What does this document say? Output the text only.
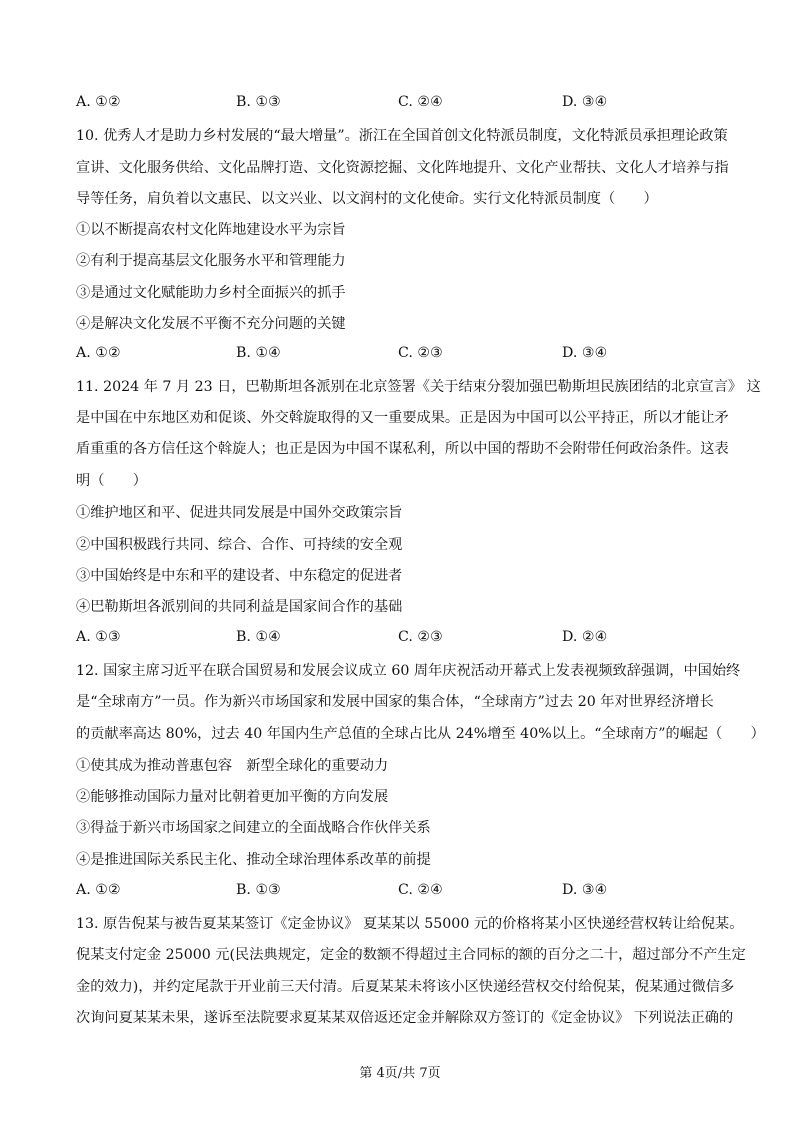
A. ①②	B. ①③	C. ②④	D. ③④
10. 优秀人才是助力乡村发展的“最大增量”。浙江在全国首创文化特派员制度，文化特派员承担理论政策
宣讲、文化服务供给、文化品牌打造、文化资源挖掘、文化阵地提升、文化产业帮扶、文化人才培养与指
导等任务，肩负着以文惠民、以文兴业、以文润村的文化使命。实行文化特派员制度（　　）
①以不断提高农村文化阵地建设水平为宗旨
②有利于提高基层文化服务水平和管理能力
③是通过文化赋能助力乡村全面振兴的抓手
④是解决文化发展不平衡不充分问题的关键
A. ①②	B. ①④	C. ②③	D. ③④
11. 2024 年 7 月 23 日，巴勒斯坦各派别在北京签署《关于结束分裂加强巴勒斯坦民族团结的北京宣言》 这
是中国在中东地区劝和促谈、外交斡旋取得的又一重要成果。正是因为中国可以公平持正，所以才能让矛
盾重重的各方信任这个斡旋人；也正是因为中国不谋私利，所以中国的帮助不会附带任何政治条件。这表
明（　　）
①维护地区和平、促进共同发展是中国外交政策宗旨
②中国积极践行共同、综合、合作、可持续的安全观
③中国始终是中东和平的建设者、中东稳定的促进者
④巴勒斯坦各派别间的共同利益是国家间合作的基础
A. ①③	B. ①④	C. ②③	D. ②④
12. 国家主席习近平在联合国贸易和发展会议成立 60 周年庆祝活动开幕式上发表视频致辞强调，中国始终
是“全球南方”一员。作为新兴市场国家和发展中国家的集合体，“全球南方”过去 20 年对世界经济增长
的贡献率高达 80%，过去 40 年国内生产总值的全球占比从 24%增至 40%以上。“全球南方”的崛起（　　）
①使其成为推动普惠包容　新型全球化的重要动力
②能够推动国际力量对比朝着更加平衡的方向发展
③得益于新兴市场国家之间建立的全面战略合作伙伴关系
④是推进国际关系民主化、推动全球治理体系改革的前提
A. ①②	B. ①③	C. ②④	D. ③④
13. 原告倪某与被告夏某某签订《定金协议》 夏某某以 55000 元的价格将某小区快递经营权转让给倪某。
倪某支付定金 25000 元(民法典规定，定金的数额不得超过主合同标的额的百分之二十，超过部分不产生定
金的效力)，并约定尾款于开业前三天付清。后夏某某未将该小区快递经营权交付给倪某，倪某通过微信多
次询问夏某某未果，遂诉至法院要求夏某某双倍返还定金并解除双方签订的《定金协议》 下列说法正确的
第 4页/共 7页
